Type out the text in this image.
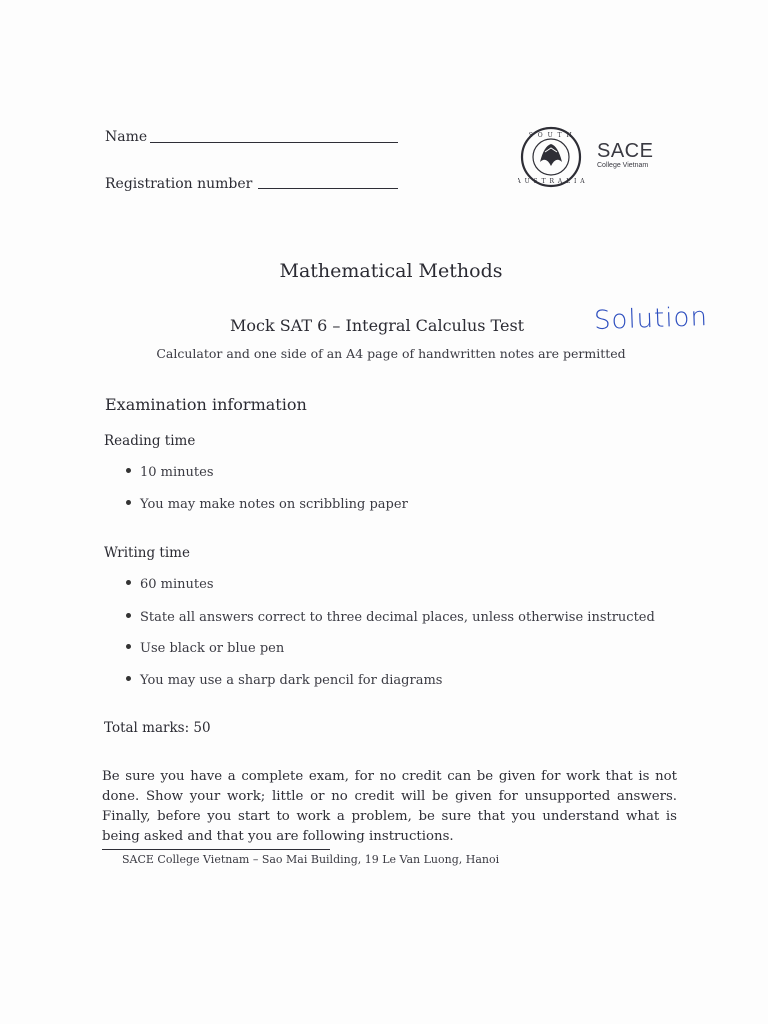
Name
Registration number
S O U T H
A U S T R A L I A
SACE
College Vietnam
Mathematical Methods
Mock SAT 6 – Integral Calculus Test	Solution
Calculator and one side of an A4 page of handwritten notes are permitted
Examination information
Reading time
10 minutes
You may make notes on scribbling paper
Writing time
60 minutes
State all answers correct to three decimal places, unless otherwise instructed
Use black or blue pen
You may use a sharp dark pencil for diagrams
Total marks: 50
Be sure you have a complete exam, for no credit can be given for work that is not done. Show your work; little or no credit will be given for unsupported answers. Finally, before you start to work a problem, be sure that you understand what is being asked and that you are following instructions.
SACE College Vietnam – Sao Mai Building, 19 Le Van Luong, Hanoi
